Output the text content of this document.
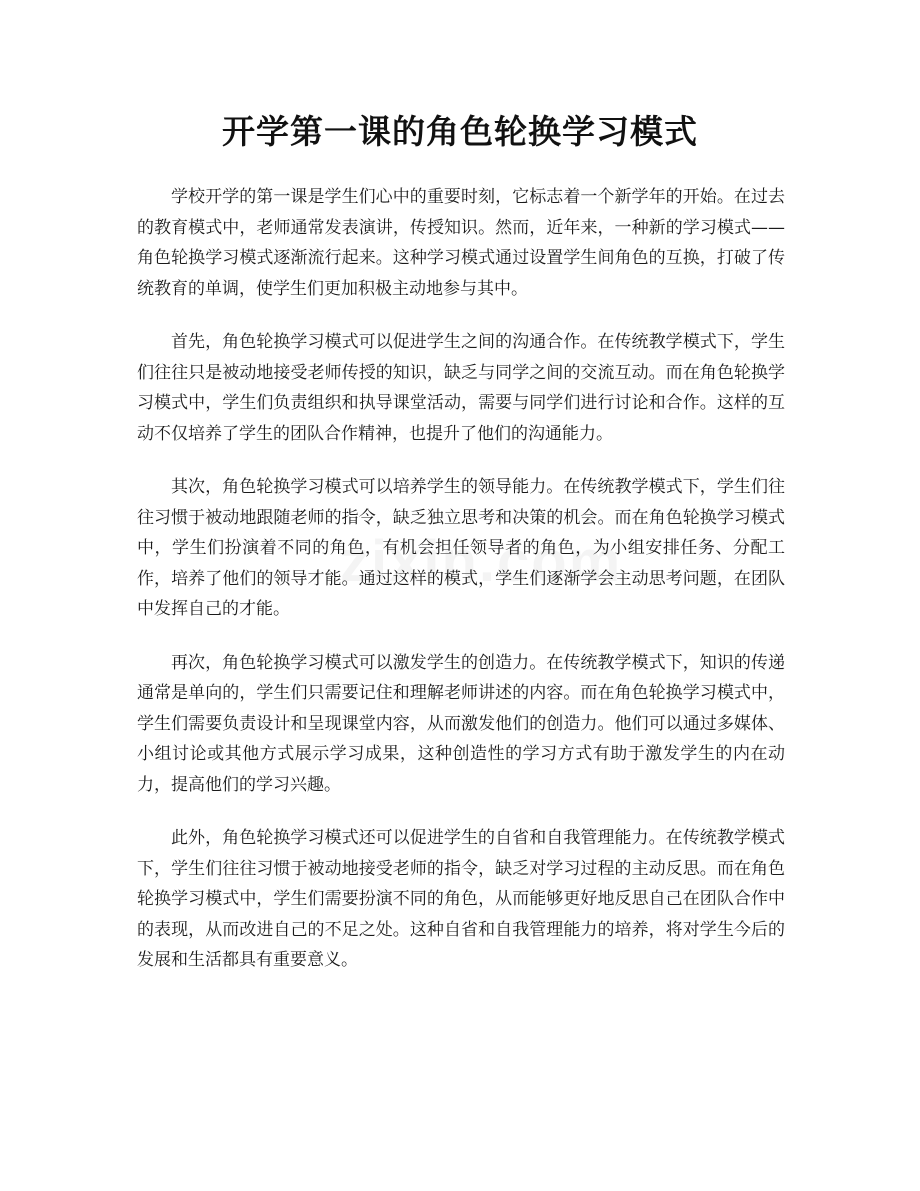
开学第一课的角色轮换学习模式

学校开学的第一课是学生们心中的重要时刻，它标志着一个新学年的开始。在过去的教育模式中，老师通常发表演讲，传授知识。然而，近年来，一种新的学习模式——角色轮换学习模式逐渐流行起来。这种学习模式通过设置学生间角色的互换，打破了传统教育的单调，使学生们更加积极主动地参与其中。

首先，角色轮换学习模式可以促进学生之间的沟通合作。在传统教学模式下，学生们往往只是被动地接受老师传授的知识，缺乏与同学之间的交流互动。而在角色轮换学习模式中，学生们负责组织和执导课堂活动，需要与同学们进行讨论和合作。这样的互动不仅培养了学生的团队合作精神，也提升了他们的沟通能力。

其次，角色轮换学习模式可以培养学生的领导能力。在传统教学模式下，学生们往往习惯于被动地跟随老师的指令，缺乏独立思考和决策的机会。而在角色轮换学习模式中，学生们扮演着不同的角色，有机会担任领导者的角色，为小组安排任务、分配工作，培养了他们的领导才能。通过这样的模式，学生们逐渐学会主动思考问题，在团队中发挥自己的才能。

再次，角色轮换学习模式可以激发学生的创造力。在传统教学模式下，知识的传递通常是单向的，学生们只需要记住和理解老师讲述的内容。而在角色轮换学习模式中，学生们需要负责设计和呈现课堂内容，从而激发他们的创造力。他们可以通过多媒体、小组讨论或其他方式展示学习成果，这种创造性的学习方式有助于激发学生的内在动力，提高他们的学习兴趣。

此外，角色轮换学习模式还可以促进学生的自省和自我管理能力。在传统教学模式下，学生们往往习惯于被动地接受老师的指令，缺乏对学习过程的主动反思。而在角色轮换学习模式中，学生们需要扮演不同的角色，从而能够更好地反思自己在团队合作中的表现，从而改进自己的不足之处。这种自省和自我管理能力的培养，将对学生今后的发展和生活都具有重要意义。
